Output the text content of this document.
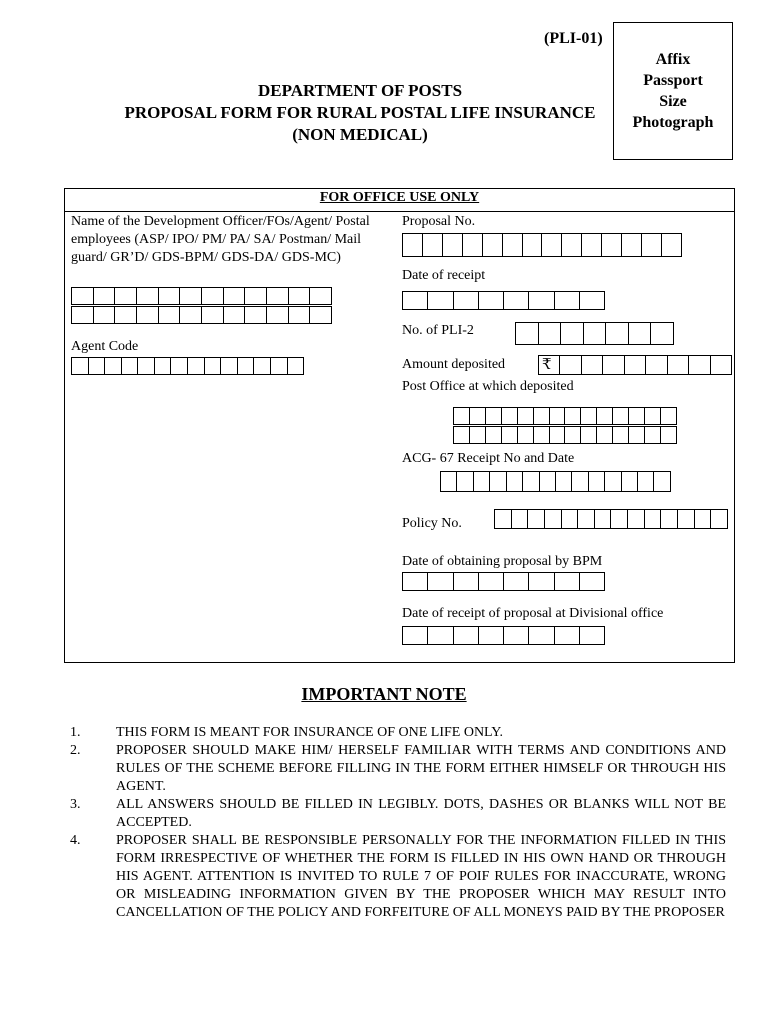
(PLI-01)
Affix
Passport
Size
Photograph
DEPARTMENT OF POSTS
PROPOSAL FORM FOR RURAL POSTAL LIFE INSURANCE
(NON MEDICAL)
FOR OFFICE USE ONLY
Name of the Development Officer/FOs/Agent/ Postal employees (ASP/ IPO/ PM/ PA/ SA/ Postman/ Mail guard/ GR’D/ GDS-BPM/ GDS-DA/ GDS-MC)
Agent Code
Proposal No.
Date of receipt
No. of PLI-2
Amount deposited ₹
Post Office at which deposited
ACG- 67 Receipt No and Date
Policy No.
Date of obtaining proposal by BPM
Date of receipt of proposal at Divisional office
IMPORTANT NOTE
1.	THIS FORM IS MEANT FOR INSURANCE OF ONE LIFE ONLY.
2.	PROPOSER SHOULD MAKE HIM/ HERSELF FAMILIAR WITH TERMS AND CONDITIONS AND RULES OF THE SCHEME BEFORE FILLING IN THE FORM EITHER HIMSELF OR THROUGH HIS AGENT.
3.	ALL ANSWERS SHOULD BE FILLED IN LEGIBLY. DOTS, DASHES OR BLANKS WILL NOT BE ACCEPTED.
4.	PROPOSER SHALL BE RESPONSIBLE PERSONALLY FOR THE INFORMATION FILLED IN THIS FORM IRRESPECTIVE OF WHETHER THE FORM IS FILLED IN HIS OWN HAND OR THROUGH HIS AGENT. ATTENTION IS INVITED TO RULE 7 OF POIF RULES FOR INACCURATE, WRONG OR MISLEADING INFORMATION GIVEN BY THE PROPOSER WHICH MAY RESULT INTO CANCELLATION OF THE POLICY AND FORFEITURE OF ALL MONEYS PAID BY THE PROPOSER
